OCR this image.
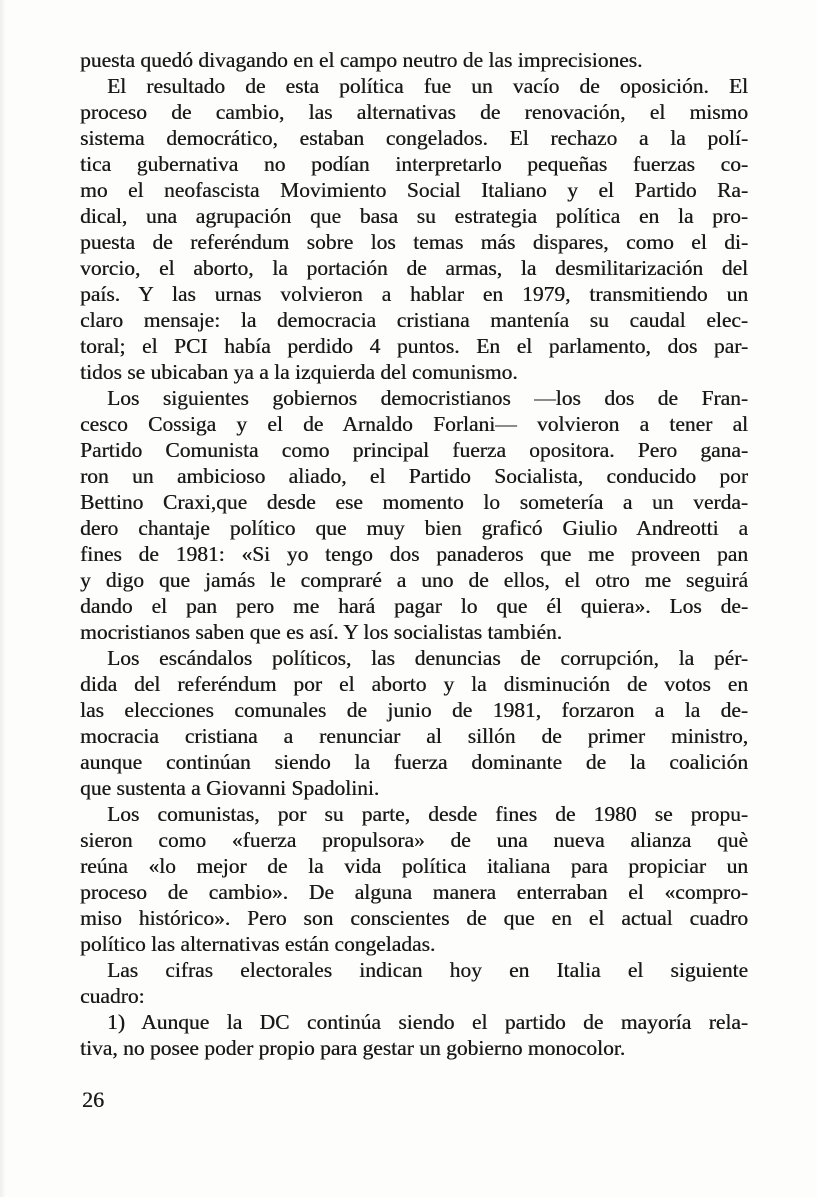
puesta quedó divagando en el campo neutro de las imprecisiones.
El resultado de esta política fue un vacío de oposición. El
proceso de cambio, las alternativas de renovación, el mismo
sistema democrático, estaban congelados. El rechazo a la polí-
tica gubernativa no podían interpretarlo pequeñas fuerzas co-
mo el neofascista Movimiento Social Italiano y el Partido Ra-
dical, una agrupación que basa su estrategia política en la pro-
puesta de referéndum sobre los temas más dispares, como el di-
vorcio, el aborto, la portación de armas, la desmilitarización del
país. Y las urnas volvieron a hablar en 1979, transmitiendo un
claro mensaje: la democracia cristiana mantenía su caudal elec-
toral; el PCI había perdido 4 puntos. En el parlamento, dos par-
tidos se ubicaban ya a la izquierda del comunismo.
Los siguientes gobiernos democristianos —los dos de Fran-
cesco Cossiga y el de Arnaldo Forlani— volvieron a tener al
Partido Comunista como principal fuerza opositora. Pero gana-
ron un ambicioso aliado, el Partido Socialista, conducido por
Bettino Craxi,que desde ese momento lo sometería a un verda-
dero chantaje político que muy bien graficó Giulio Andreotti a
fines de 1981: «Si yo tengo dos panaderos que me proveen pan
y digo que jamás le compraré a uno de ellos, el otro me seguirá
dando el pan pero me hará pagar lo que él quiera». Los de-
mocristianos saben que es así. Y los socialistas también.
Los escándalos políticos, las denuncias de corrupción, la pér-
dida del referéndum por el aborto y la disminución de votos en
las elecciones comunales de junio de 1981, forzaron a la de-
mocracia cristiana a renunciar al sillón de primer ministro,
aunque continúan siendo la fuerza dominante de la coalición
que sustenta a Giovanni Spadolini.
Los comunistas, por su parte, desde fines de 1980 se propu-
sieron como «fuerza propulsora» de una nueva alianza què
reúna «lo mejor de la vida política italiana para propiciar un
proceso de cambio». De alguna manera enterraban el «compro-
miso histórico». Pero son conscientes de que en el actual cuadro
político las alternativas están congeladas.
Las cifras electorales indican hoy en Italia el siguiente
cuadro:
1) Aunque la DC continúa siendo el partido de mayoría rela-
tiva, no posee poder propio para gestar un gobierno monocolor.
26
